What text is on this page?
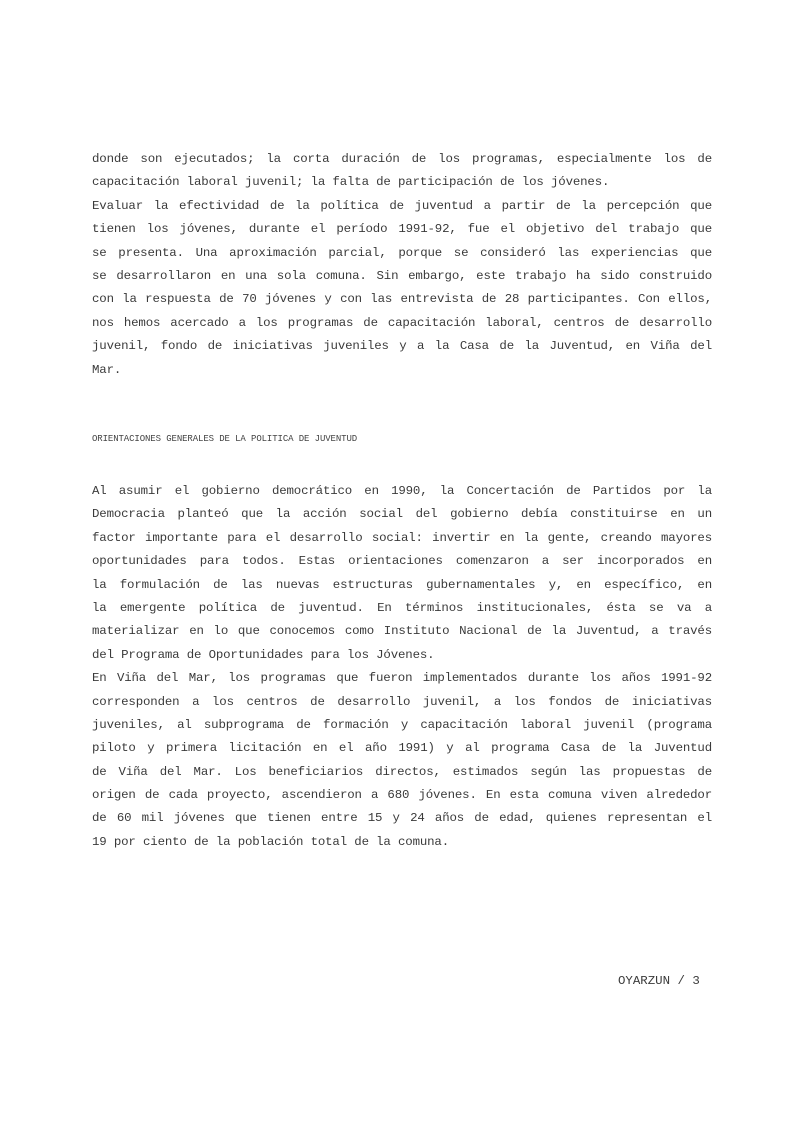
donde son ejecutados; la corta duración de los programas, especialmente los de
capacitación laboral juvenil; la falta de participación de los jóvenes.
Evaluar la efectividad de la política de juventud a partir de la percepción que
tienen los jóvenes, durante el período 1991-92, fue el objetivo del trabajo que
se presenta. Una aproximación parcial, porque se consideró las experiencias que
se desarrollaron en una sola comuna. Sin embargo, este trabajo ha sido construido
con la respuesta de 70 jóvenes y con las entrevista de 28 participantes. Con ellos,
nos hemos acercado a los programas de capacitación laboral, centros de desarrollo
juvenil, fondo de iniciativas juveniles y a la Casa de la Juventud, en Viña del
Mar.
ORIENTACIONES GENERALES DE LA POLITICA DE JUVENTUD
Al asumir el gobierno democrático en 1990, la Concertación de Partidos por la
Democracia planteó que la acción social del gobierno debía constituirse en un
factor importante para el desarrollo social: invertir en la gente, creando mayores
oportunidades para todos. Estas orientaciones comenzaron a ser incorporados en
la formulación de las nuevas estructuras gubernamentales y, en específico, en
la emergente política de juventud. En términos institucionales, ésta se va a
materializar en lo que conocemos como Instituto Nacional de la Juventud, a través
del Programa de Oportunidades para los Jóvenes.
En Viña del Mar, los programas que fueron implementados durante los años 1991-92
corresponden a los centros de desarrollo juvenil, a los fondos de iniciativas
juveniles, al subprograma de formación y capacitación laboral juvenil (programa
piloto y primera licitación en el año 1991) y al programa Casa de la Juventud
de Viña del Mar. Los beneficiarios directos, estimados según las propuestas de
origen de cada proyecto, ascendieron a 680 jóvenes. En esta comuna viven alrededor
de 60 mil jóvenes que tienen entre 15 y 24 años de edad, quienes representan el
19 por ciento de la población total de la comuna.
OYARZUN / 3
